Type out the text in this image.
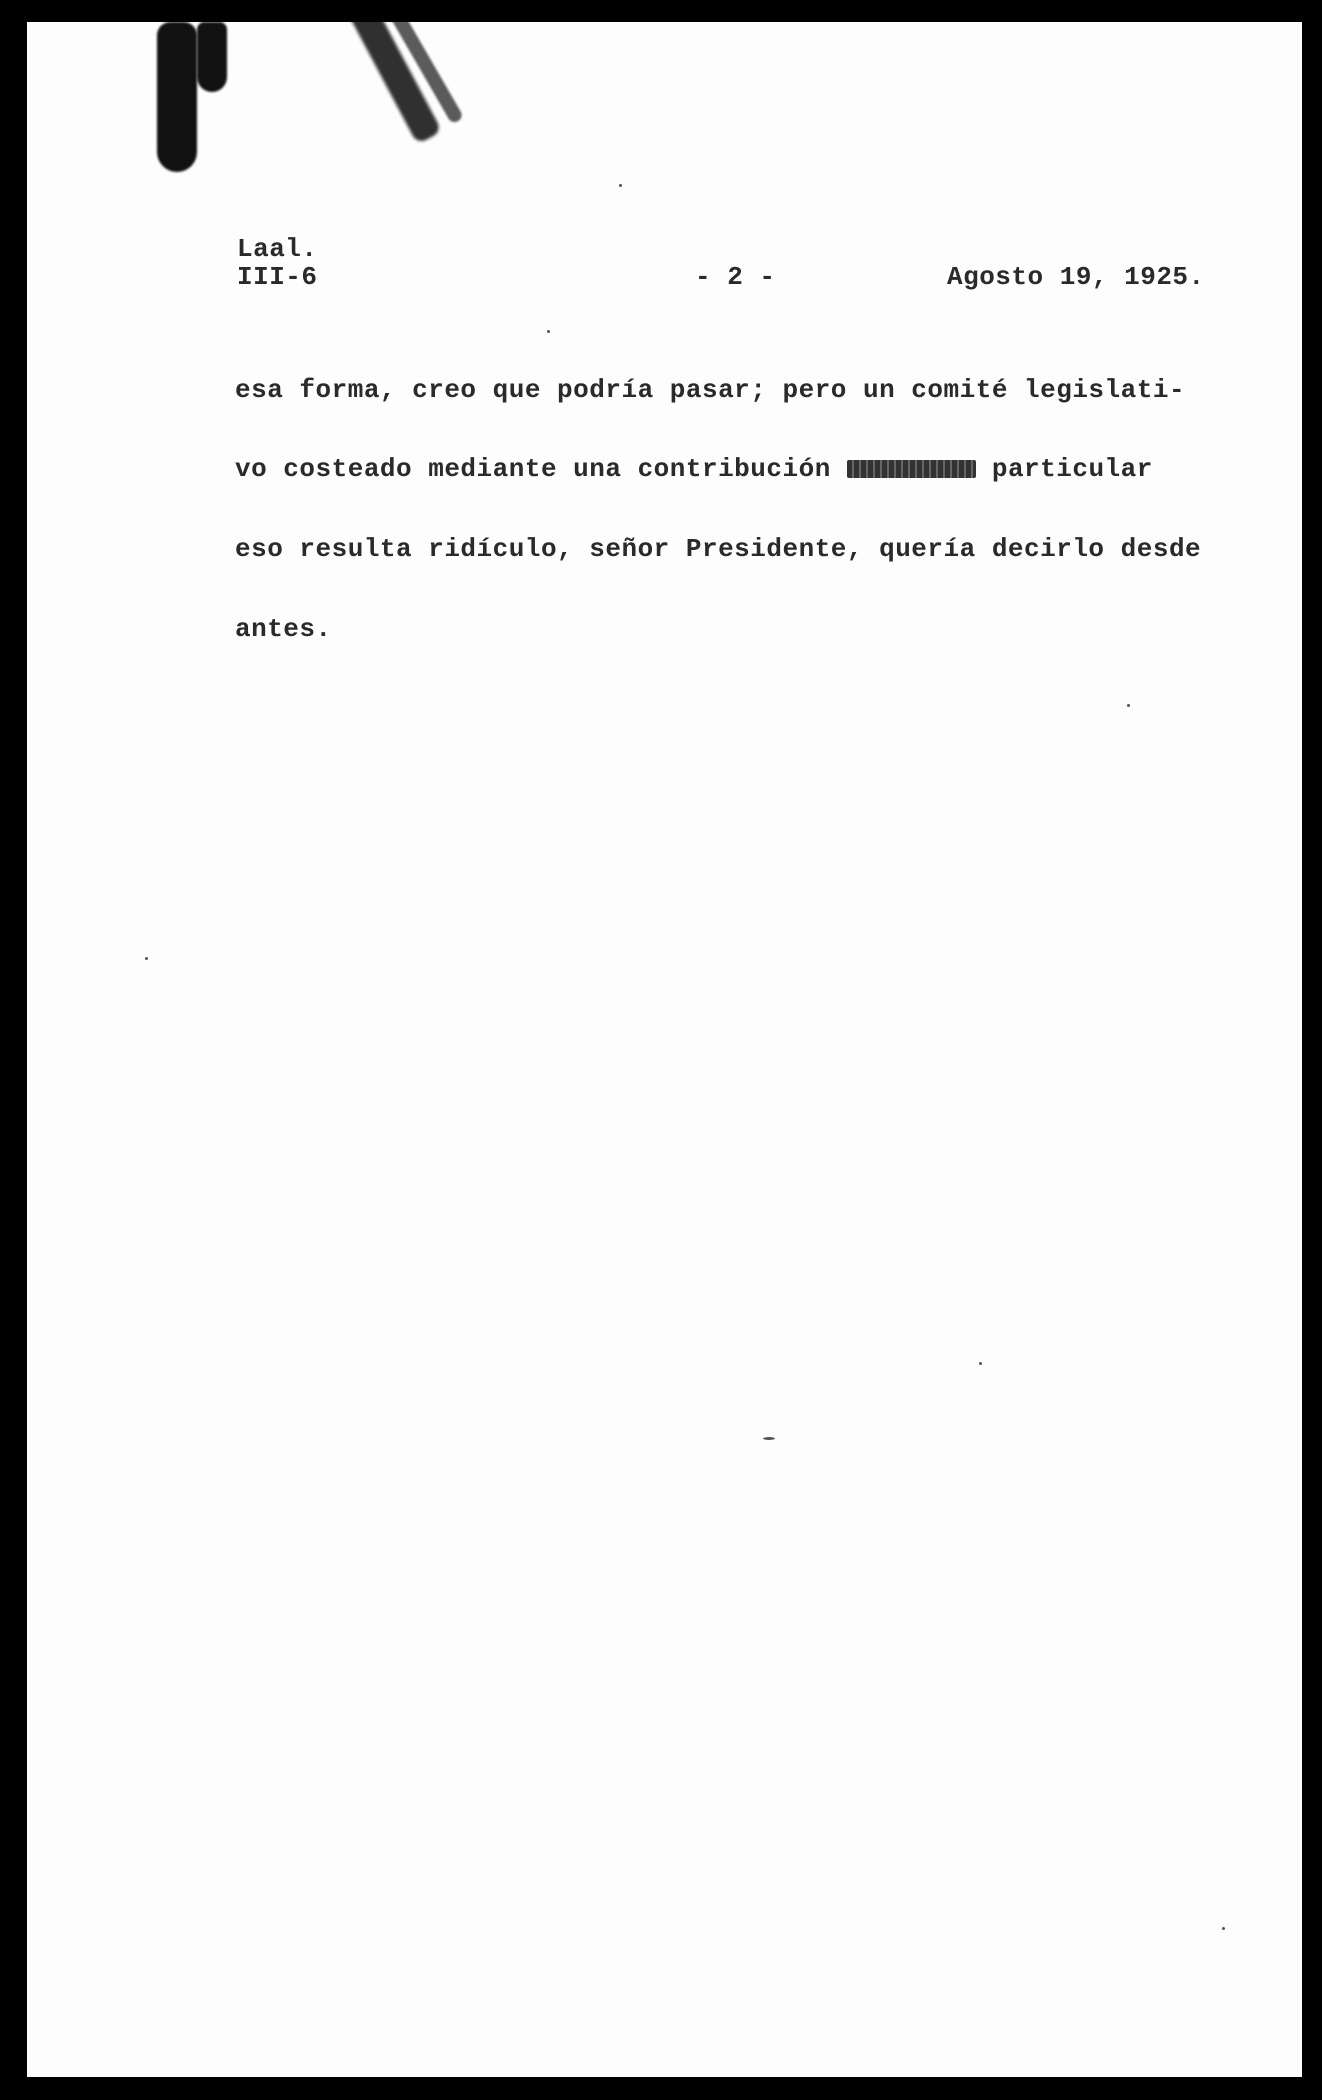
Laal.

III-6	- 2 -	Agosto 19, 1925.

esa forma, creo que podría pasar; pero un comité legislati-

vo costeado mediante una contribución	particular

eso resulta ridículo, señor Presidente, quería decirlo desde

antes.
